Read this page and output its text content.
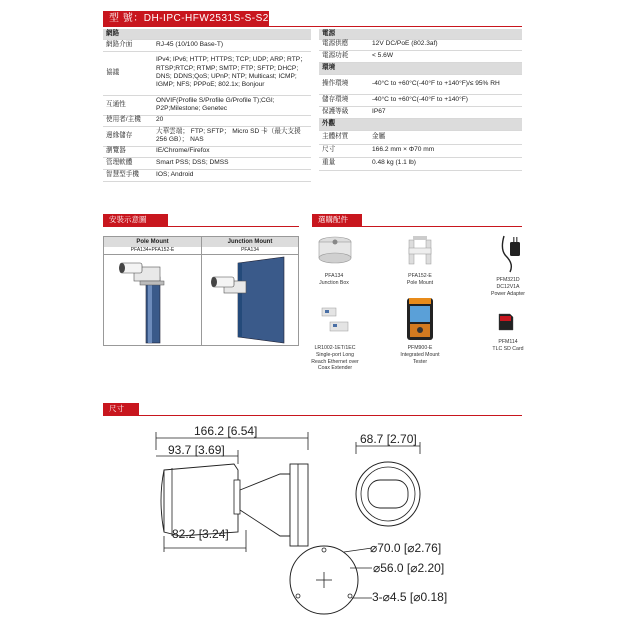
型 號：DH-IPC-HFW2531S-S-S2
網路	
網路介面	RJ-45 (10/100 Base-T)
協議	IPv4; IPv6; HTTP; HTTPS; TCP; UDP; ARP; RTP；RTSP;RTCP; RTMP; SMTP; FTP; SFTP; DHCP; DNS; DDNS;QoS; UPnP; NTP; Multicast; ICMP; IGMP; NFS; PPPoE; 802.1x; Bonjour
互通性	ONVIF(Profile S/Profile G/Profile T);CGI; P2P;Milestone; Genetec
使用者/主機	20
邊緣儲存	大華雲端； FTP; SFTP； Micro SD 卡（最大支援 256 GB）； NAS
瀏覽器	IE/Chrome/Firefox
管理軟體	Smart PSS; DSS; DMSS
智慧型手機	IOS; Android
電源	
電源供應	12V DC/PoE (802.3af)
電源功耗	< 5.6W
環境	
操作環境	-40°C to +60°C(-40°F to +140°F)/≤ 95% RH
儲存環境	-40°C to +60°C(-40°F to +140°F)
保護等級	IP67
外觀	
主體材質	金屬
尺寸	166.2 mm × Φ70 mm
重量	0.48 kg (1.1 lb)
安裝示意圖
Pole Mount	Junction Mount
PFA134+PFA152-E	PFA134
選購配件
PFA134
Junction Box
PFA152-E
Pole Mount	PFM321D
DC12V1A
Power Adapter
LR1002-1ET/1EC
Single-port Long
Reach Ethernet over
Coax Extender
PFM900-E
Integrated Mount
Tester
PFM114
TLC SD Card
尺寸
166.2 [6.54]
93.7 [3.69]
82.2 [3.24]
68.7 [2.70]
⌀70.0 [⌀2.76]
⌀56.0 [⌀2.20]
3-⌀4.5 [⌀0.18]
